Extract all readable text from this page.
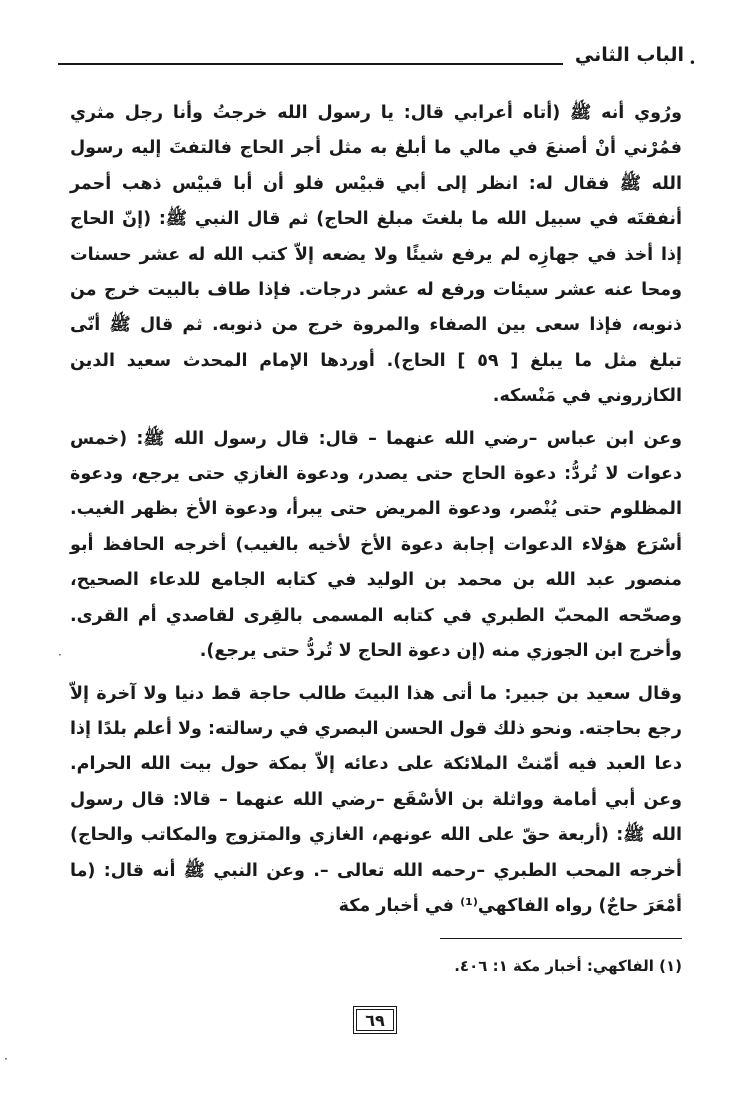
الباب الثاني •

ورُوي أنه ﷺ (أتاه أعرابي قال: يا رسول الله خرجتُ وأنا رجل مثري فمُرْني أنْ أصنعَ في مالي ما أبلغ به مثل أجر الحاج فالتفتَ إليه رسول الله ﷺ فقال له: انظر إلى أبي قبيْس فلو أن أبا قبيْس ذهب أحمر أنفقتَه في سبيل الله ما بلغتَ مبلغ الحاج) ثم قال النبي ﷺ: (إنّ الحاج إذا أخذ في جهازِه لم يرفع شيئًا ولا يضعه إلاّ كتب الله له عشر حسنات ومحا عنه عشر سيئات ورفع له عشر درجات. فإذا طاف بالبيت خرج من ذنوبه، فإذا سعى بين الصفاء والمروة خرج من ذنوبه. ثم قال ﷺ أنّى تبلغ مثل ما يبلغ [ ٥٩ ] الحاج). أوردها الإمام المحدث سعيد الدين الكازروني في مَنْسكه.

وعن ابن عباس –رضي الله عنهما – قال: قال رسول الله ﷺ: (خمس دعوات لا تُردُّ: دعوة الحاج حتى يصدر، ودعوة الغازي حتى يرجع، ودعوة المظلوم حتى يُنْصر، ودعوة المريض حتى يبرأ، ودعوة الأخ بظهر الغيب. أسْرَع هؤلاء الدعوات إجابة دعوة الأخ لأخيه بالغيب) أخرجه الحافظ أبو منصور عبد الله بن محمد بن الوليد في كتابه الجامع للدعاء الصحيح، وصحّحه المحبّ الطبري في كتابه المسمى بالقِرى لقاصدي أم القرى. وأخرج ابن الجوزي منه (إن دعوة الحاج لا تُردُّ حتى يرجع).

وقال سعيد بن جبير: ما أتى هذا البيتَ طالب حاجة قط دنيا ولا آخرة إلاّ رجع بحاجته. ونحو ذلك قول الحسن البصري في رسالته: ولا أعلم بلدًا إذا دعا العبد فيه أمّنتْ الملائكة على دعائه إلاّ بمكة حول بيت الله الحرام. وعن أبي أمامة وواثلة بن الأسْقَع –رضي الله عنهما – قالا: قال رسول الله ﷺ: (أربعة حقّ على الله عونهم، الغازي والمتزوج والمكاتب والحاج) أخرجه المحب الطبري –رحمه الله تعالى –. وعن النبي ﷺ أنه قال: (ما أمْعَرَ حاجٌ) رواه الفاكهي⁽¹⁾ في أخبار مكة

(١) الفاكهي: أخبار مكة ١: ٤٠٦.
٦٩
·
·
